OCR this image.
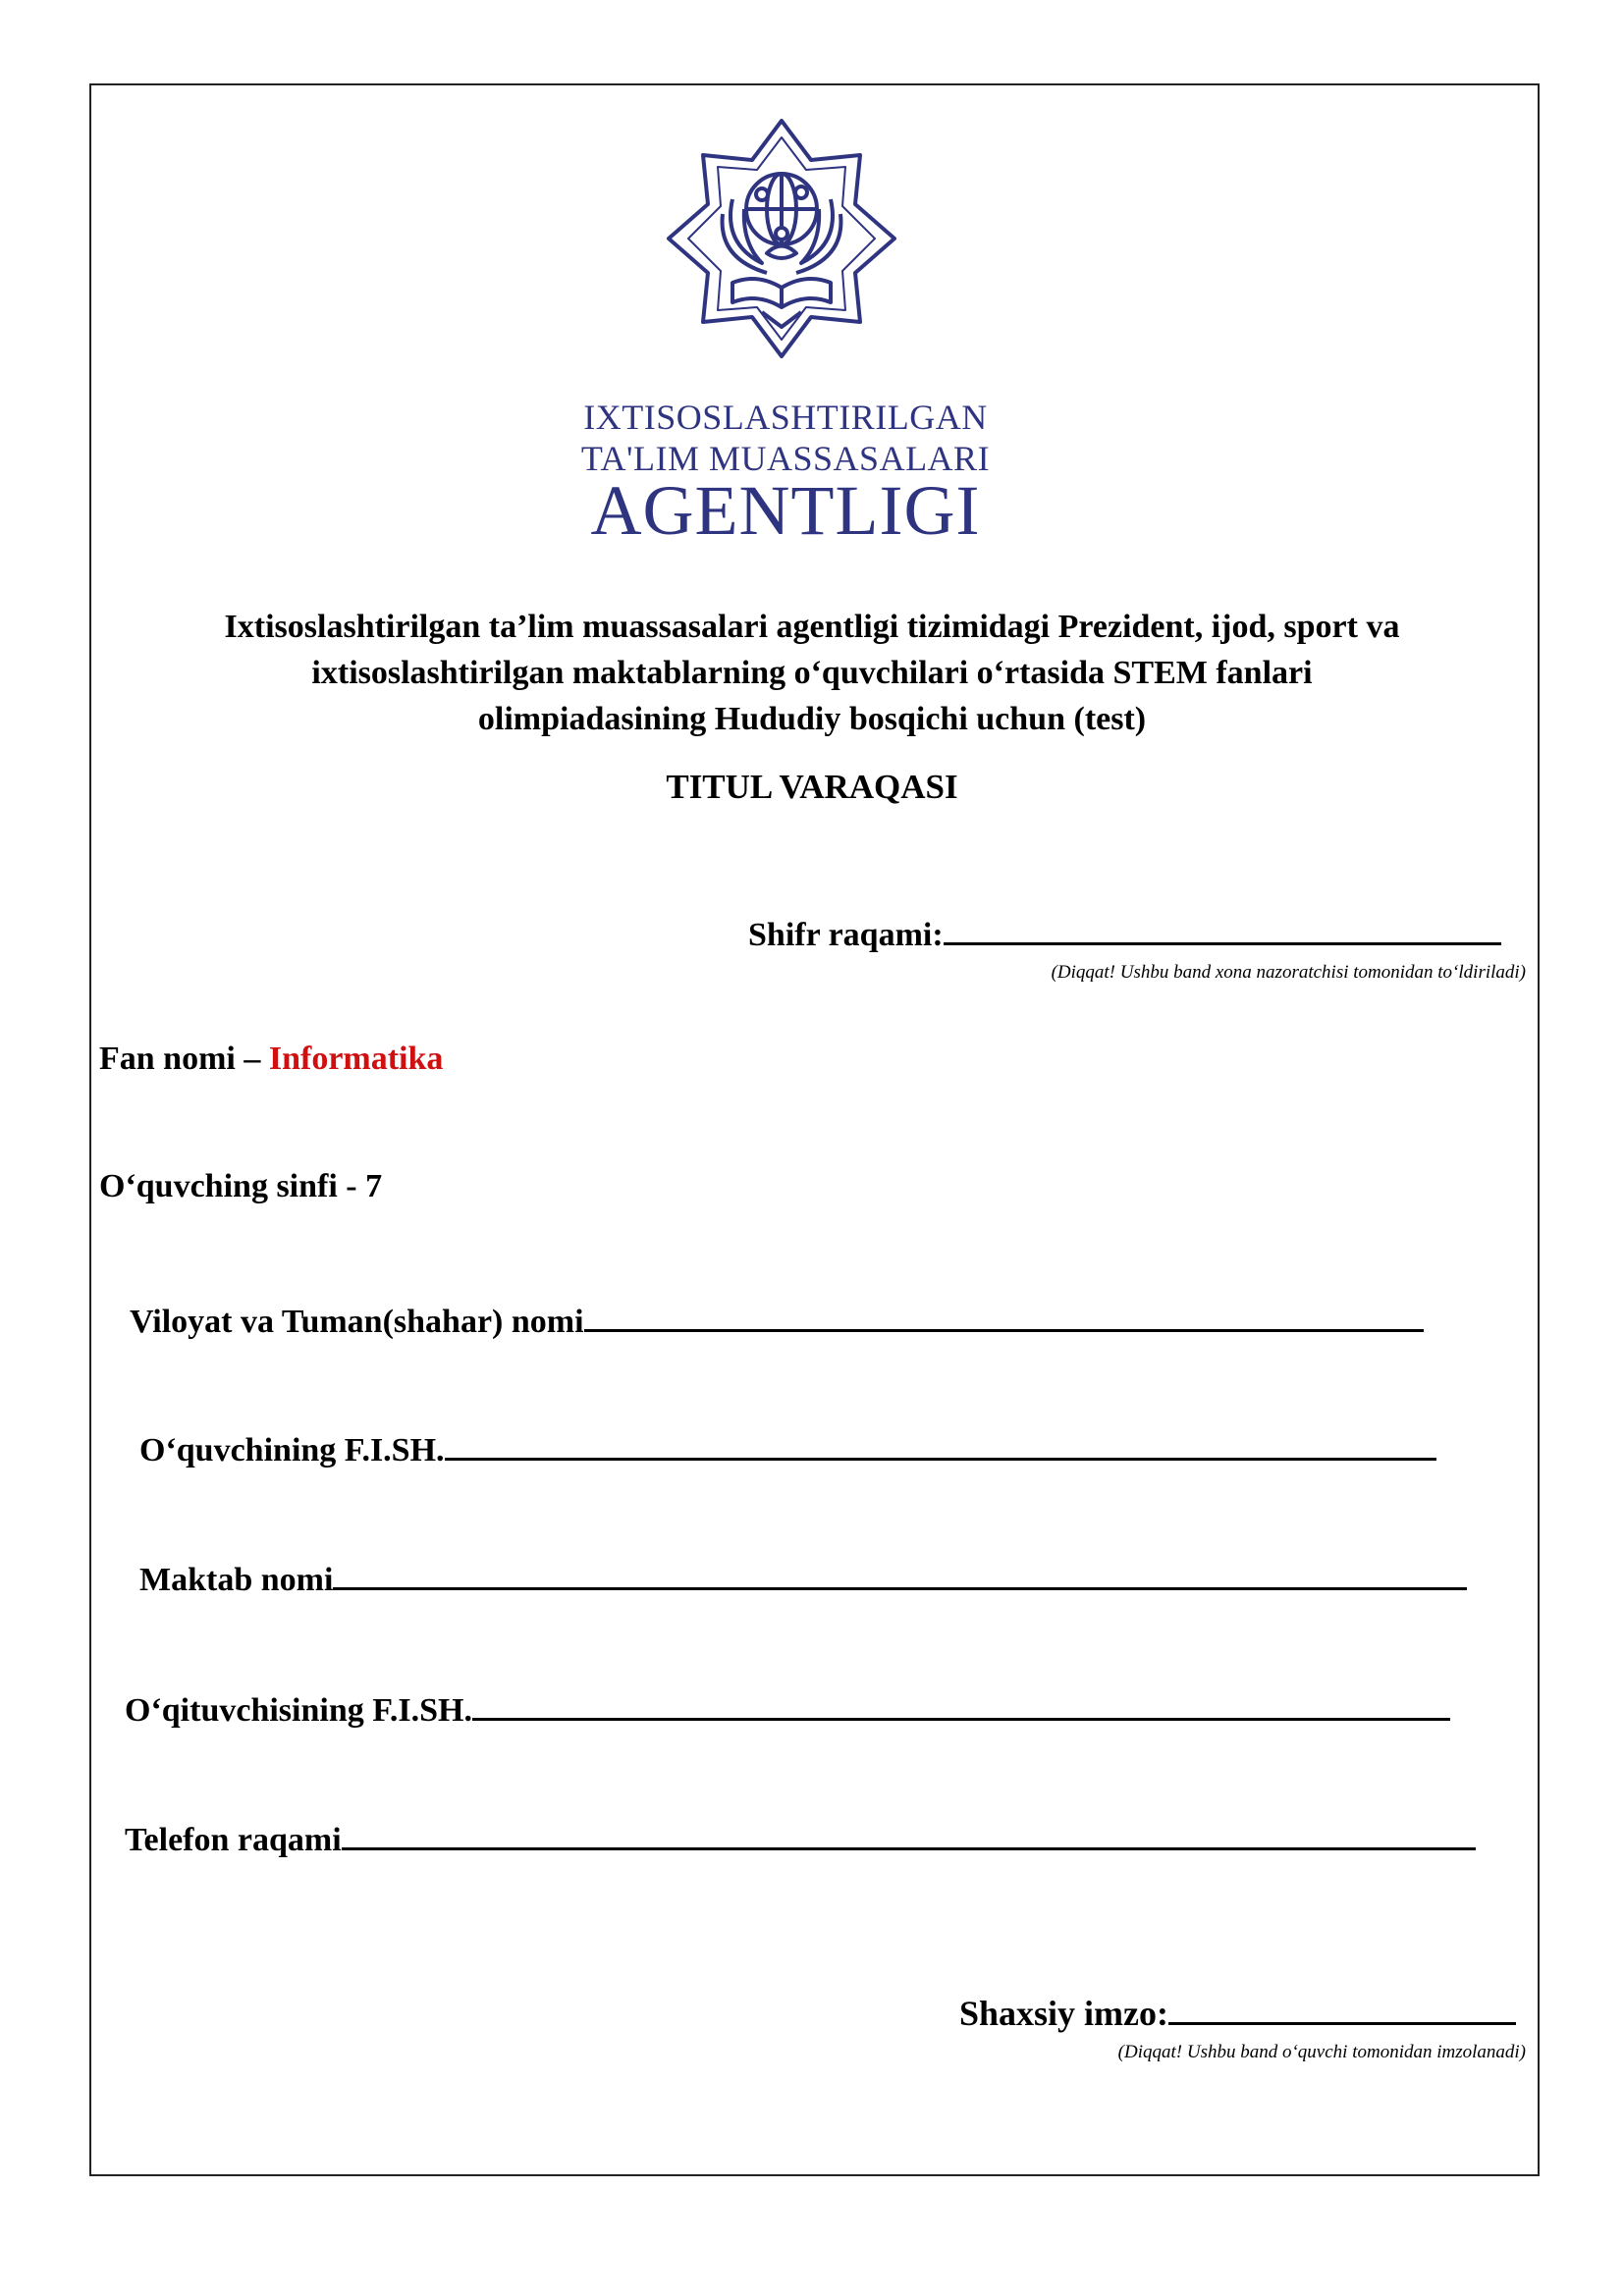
IXTISOSLASHTIRILGAN
TA'LIM MUASSASALARI
AGENTLIGI
Ixtisoslashtirilgan ta’lim muassasalari agentligi tizimidagi Prezident, ijod, sport va
ixtisoslashtirilgan maktablarning o‘quvchilari o‘rtasida STEM fanlari
olimpiadasining Hududiy bosqichi uchun (test)
TITUL VARAQASI
Shifr raqami:
(Diqqat! Ushbu band xona nazoratchisi tomonidan to‘ldiriladi)
Fan nomi – Informatika
O‘quvching sinfi - 7
Viloyat va Tuman(shahar) nomi
O‘quvchining F.I.SH.
Maktab nomi
O‘qituvchisining F.I.SH.
Telefon raqami
Shaxsiy imzo:
(Diqqat! Ushbu band o‘quvchi tomonidan imzolanadi)
